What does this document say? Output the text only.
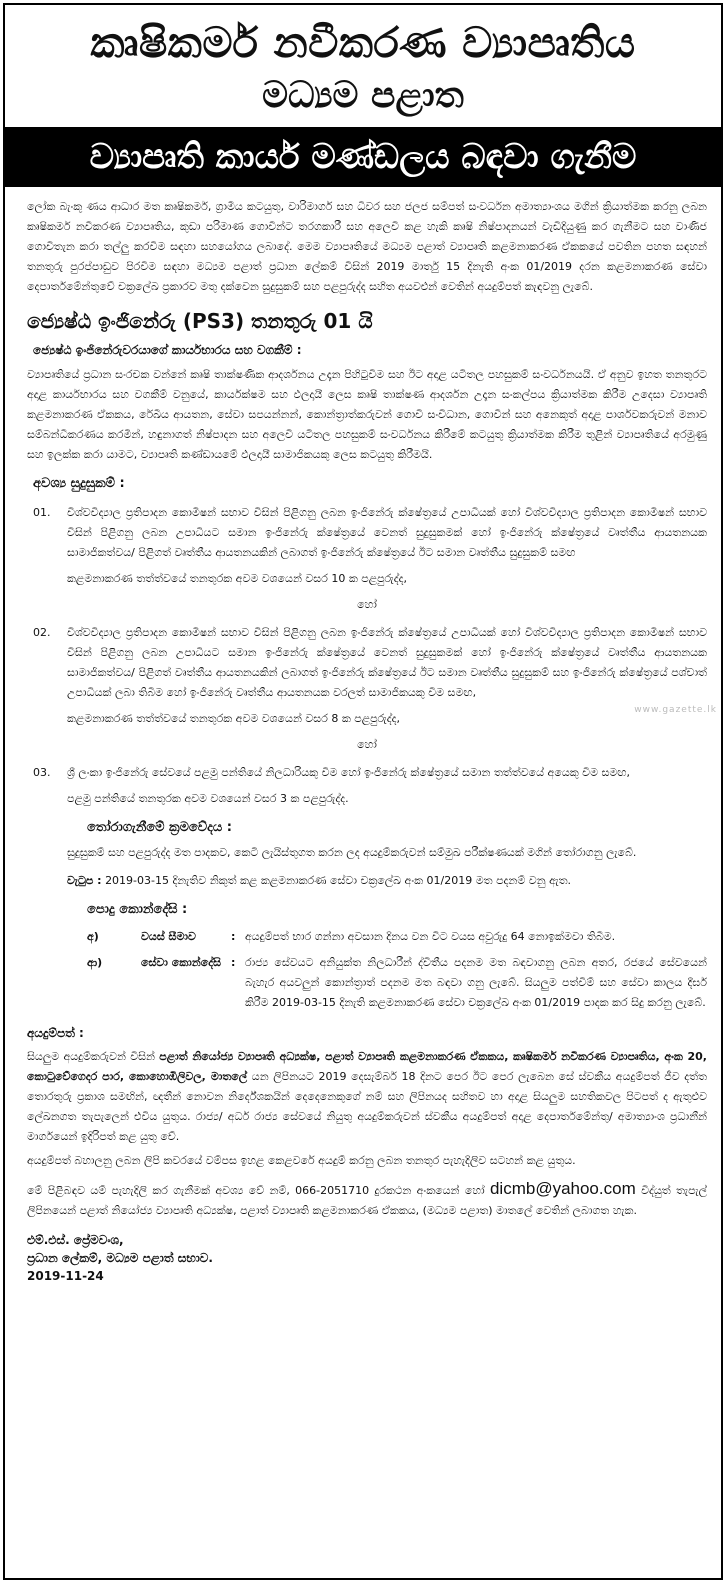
කෘෂිකර්ම නවීකරණ ව්‍යාපෘතිය
මධ්‍යම පළාත
ව්‍යාපෘති කාර්ය මණ්ඩලය බඳවා ගැනීම
ලෝක බැංකු ණය ආධාර මත කෘෂිකර්ම, ග්‍රාමීය කටයුතු, වාරිමාර්ග සහ ධීවර සහ ජලජ සම්පත් සංවර්ධන අමාත්‍යාංශය මගින් ක්‍රියාත්මක කරනු ලබන කෘෂිකර්ම නවීකරණ ව්‍යාපෘතිය, කුඩා පරිමාණ ගොවීන්ට තරගකාරී සහ අලෙවි කළ හැකි කෘෂි නිෂ්පාදනයන් වැඩිදියුණු කර ගැනීමට සහ වාණිජ ගොවිතැන කරා තල්ලු කරවීම සඳහා සහයෝගය ලබාදේ. මෙම ව්‍යාපෘතියේ මධ්‍යම පළාත් ව්‍යාපෘති කළමනාකරණ ඒකකයේ පවතින පහත සඳහන් තනතුරු පුරප්පාඩුව පිරවීම සඳහා මධ්‍යම පළාත් ප්‍රධාන ලේකම් විසින් 2019 මාර්තු 15 දිනැති අංක 01/2019 දරන කළමනාකරණ සේවා දෙපාර්තමේන්තුවේ චක්‍රලේඛ ප්‍රකාරව මතු දක්වෙන සුදුසුකම් සහ පළපුරුද්ද සහිත අයවළුන් වෙතින් අයදුම්පත් කැඳවනු ලැබේ.
ජ්‍යෙෂ්ඨ ඉංජිනේරු (PS3) තනතුරු 01 යි
ජ්‍යෙෂ්ඨ ඉංජිනේරුවරයාගේ කාර්යභාරය සහ වගකීම් :
ව්‍යාපෘතියේ ප්‍රධාන සංරචක වන්නේ කෘෂි තාක්ෂණික ආදර්ශනය උදෑන පිහිටුවීම සහ ඊට අදාළ යටිතල පහසුකම් සංවර්ධනයයි. ඒ අනුව ඉහත තනතුරට අදාළ කාර්යභාරය සහ වගකීම් වනුයේ, කාර්යක්ෂම සහ ඵලදායී ලෙස කෘෂි තාක්ෂණ ආදර්ශන උදෑන සංකල්පය ක්‍රියාත්මක කිරීම උදෙසා ව්‍යාපෘති කළමනාකරණ ඒකකය, රේඛීය ආයතන, සේවා සපයන්නන්, කොන්ත්‍රාත්කරුවන් ගොවි සංවිධාන, ගොවීන් සහ අනෙකුත් අදාළ පාර්ශවකරුවන් මනාව සම්බන්ධීකරණය කරමින්, හඳුනාගත් නිෂ්පාදන සහ අලෙවි යටිතල පහසුකම් සංවර්ධනය කිරීමේ කටයුතු ක්‍රියාත්මක කිරීම තුළින් ව්‍යාපෘතියේ අරමුණු සහ ඉලක්ක කරා යාමට, ව්‍යාපෘති කණ්ඩායමේ ඵලදායී සාමාජිකයකු ලෙස කටයුතු කිරීමයි.
අවශ්‍ය සුදුසුකම් :
01.	විශ්වවිද්‍යාල ප්‍රතිපාදන කොමිෂන් සභාව විසින් පිළිගනු ලබන ඉංජිනේරු ක්ෂේත්‍රයේ උපාධියක් හෝ විශ්වවිද්‍යාල ප්‍රතිපාදන කොමිෂන් සභාව විසින් පිළිගනු ලබන උපාධියට සමාන ඉංජිනේරු ක්ෂේත්‍රයේ වෙනත් සුදුසුකමක් හෝ ඉංජිනේරු ක්ෂේත්‍රයේ වෘත්තීය ආයතනයක සාමාජිකත්වය/ පිළිගත් වෘත්තීය ආයතනයකින් ලබාගත් ඉංජිනේරු ක්ෂේත්‍රයේ ඊට සමාන වෘත්තීය සුදුසුකම් සමඟ
කළමනාකරණ තත්ත්වයේ තනතුරක අවම වශයෙන් වසර 10 ක පළපුරුද්ද,
හෝ
02.	විශ්වවිද්‍යාල ප්‍රතිපාදන කොමිෂන් සභාව විසින් පිළිගනු ලබන ඉංජිනේරු ක්ෂේත්‍රයේ උපාධියක් හෝ විශ්වවිද්‍යාල ප්‍රතිපාදන කොමිෂන් සභාව විසින් පිළිගනු ලබන උපාධියට සමාන ඉංජිනේරු ක්ෂේත්‍රයේ වෙනත් සුදුසුකමක් හෝ ඉංජිනේරු ක්ෂේත්‍රයේ වෘත්තීය ආයතනයක සාමාජිකත්වය/ පිළිගත් වෘත්තීය ආයතනයකින් ලබාගත් ඉංජිනේරු ක්ෂේත්‍රයේ ඊට සමාන වෘත්තීය සුදුසුකම් සහ ඉංජිනේරු ක්ෂේත්‍රයේ පශ්චාත් උපාධියක් ලබා තිබීම හෝ ඉංජිනේරු වෘත්තීය ආයතනයක වරලත් සාමාජිකයකු වීම සමඟ,
කළමනාකරණ තත්ත්වයේ තනතුරක අවම වශයෙන් වසර 8 ක පළපුරුද්ද,
හෝ
03.	ශ්‍රී ලංකා ඉංජිනේරු සේවයේ පළමු පන්තියේ නිලධාරියකු වීම හෝ ඉංජිනේරු ක්ෂේත්‍රයේ සමාන තත්ත්වයේ අයෙකු වීම සමඟ,
පළමු පන්තියේ තනතුරක අවම වශයෙන් වසර 3 ක පළපුරුද්ද.
තෝරාගැනීමේ ක්‍රමවේදය :
සුදුසුකම් සහ පළපුරුද්ද මත පාදකව, කෙටි ලැයිස්තුගත කරන ලද අයදුම්කරුවන් සම්මුඛ පරීක්ෂණයක් මගින් තෝරාගනු ලැබේ.
වැටුප : 2019-03-15 දිනැතිව නිකුත් කළ කළමනාකරණ සේවා චක්‍රලේඛ අංක 01/2019 මත පදනම් වනු ඇත.
පොදු කොන්දේසි :
අ)	වයස් සීමාව	: අයදුම්පත් භාර ගන්නා අවසාන දිනය වන විට වයස අවුරුදු 64 නොඉක්මවා තිබීම.
ආ)	සේවා කොන්දේසි : රාජ්‍ය සේවයට අනියුක්ත නිලධාරීන් ද්විතීය පදනම මත බඳවාගනු ලබන අතර, රජයේ සේවයෙන් බැහැර අයවලුන් කොන්ත්‍රාත් පදනම මත බඳවා ගනු ලැබේ. සියලුම පත්වීම් සහ සේවා කාලය දීර්ඝ කිරීම 2019-03-15 දිනැති කළමනාකරණ සේවා චක්‍රලේඛ අංක 01/2019 පාදක කර සිදු කරනු ලැබේ.
අයදුම්පත් :
සියලුම අයදුම්කරුවන් විසින් පළාත් නියෝජ්‍ය ව්‍යාපෘති අධ්‍යක්ෂ, පළාත් ව්‍යාපෘති කළමනාකරණ ඒකකය, කෘෂිකර්ම නවීකරණ ව්‍යාපෘතිය, අංක 20, කොටුවේගෙදර පාර, කොහොඹිලිවල, මාතලේ යන ලිපිනයට 2019 දෙසැම්බර් 18 දිනට පෙර ඊට පෙර ලැබෙන සේ ස්වකීය අයදුම්පත් ජීව දත්ත තොරතුරු ප්‍රකාශ සමඟින්, ඥතීන් නොවන නිර්දේශකයින් දෙදෙනෙකුගේ නම් සහ ලිපිනයද සහිතව හා අදාළ සියලුම සහතිකවල පිටපත් ද ඇතුළුව ලේඛනගත තැපැලෙන් එවිය යුතුය. රාජ්‍ය/ අර්ධ රාජ්‍ය සේවයේ නියුතු අයදුම්කරුවන් ස්වකීය අයදුම්පත් අදාළ දෙපාර්තමේන්තු/ අමාත්‍යාංශ ප්‍රධානීන් මාර්ගයෙන් ඉදිරිපත් කළ යුතු වේ.
අයදුම්පත් බහාලනු ලබන ලිපි කවරයේ වම්පස ඉහළ කෙළවරේ අයදුම් කරනු ලබන තනතුර පැහැදිලිව සටහන් කළ යුතුය.
මේ පිළිබඳව යම් පැහැදිලි කර ගැනීමක් අවශ්‍ය වේ නම්, 066-2051710 දුරකථන අංකයෙන් හෝ dicmb@yahoo.com විද්යුත් තැපැල් ලිපිනයෙන් පළාත් නියෝජ්‍ය ව්‍යාපෘති අධ්‍යක්ෂ, පළාත් ව්‍යාපෘති කළමනාකරණ ඒකකය, (මධ්‍යම පළාත) මාතලේ වෙතින් ලබාගත හැක.
එම්.එස්. ප්‍රේමවංශ,
ප්‍රධාන ලේකම්, මධ්‍යම පළාත් සභාව.
2019-11-24
www.gazette.lk
